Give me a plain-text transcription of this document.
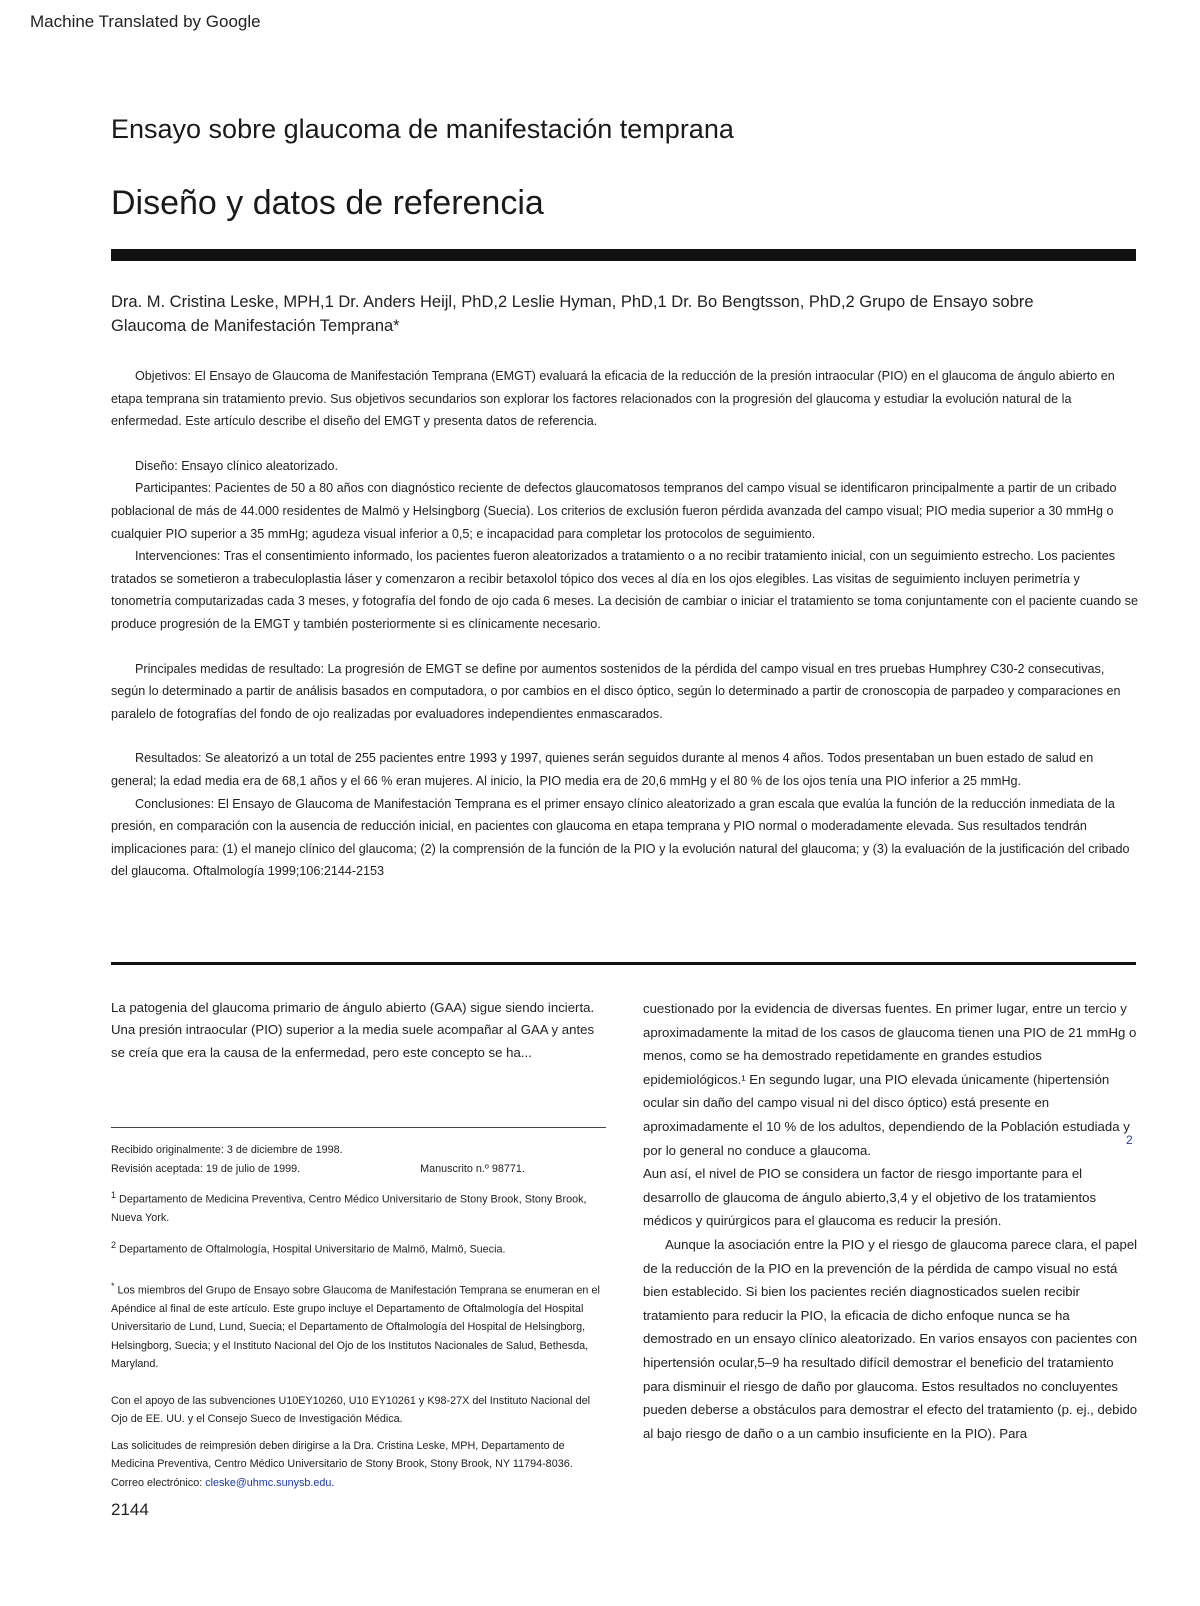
Machine Translated by Google
Ensayo sobre glaucoma de manifestación temprana
Diseño y datos de referencia
Dra. M. Cristina Leske, MPH,1 Dr. Anders Heijl, PhD,2 Leslie Hyman, PhD,1 Dr. Bo Bengtsson, PhD,2 Grupo de Ensayo sobre Glaucoma de Manifestación Temprana*

Objetivos: El Ensayo de Glaucoma de Manifestación Temprana (EMGT) evaluará la eficacia de la reducción de la presión intraocular (PIO) en el glaucoma de ángulo abierto en etapa temprana sin tratamiento previo. Sus objetivos secundarios son explorar los factores relacionados con la progresión del glaucoma y estudiar la evolución natural de la enfermedad. Este artículo describe el diseño del EMGT y presenta datos de referencia.

Diseño: Ensayo clínico aleatorizado.

Participantes: Pacientes de 50 a 80 años con diagnóstico reciente de defectos glaucomatosos tempranos del campo visual se identificaron principalmente a partir de un cribado poblacional de más de 44.000 residentes de Malmö y Helsingborg (Suecia). Los criterios de exclusión fueron pérdida avanzada del campo visual; PIO media superior a 30 mmHg o cualquier PIO superior a 35 mmHg; agudeza visual inferior a 0,5; e incapacidad para completar los protocolos de seguimiento.

Intervenciones: Tras el consentimiento informado, los pacientes fueron aleatorizados a tratamiento o a no recibir tratamiento inicial, con un seguimiento estrecho. Los pacientes tratados se sometieron a trabeculoplastia láser y comenzaron a recibir betaxolol tópico dos veces al día en los ojos elegibles. Las visitas de seguimiento incluyen perimetría y tonometría computarizadas cada 3 meses, y fotografía del fondo de ojo cada 6 meses. La decisión de cambiar o iniciar el tratamiento se toma conjuntamente con el paciente cuando se produce progresión de la EMGT y también posteriormente si es clínicamente necesario.

Principales medidas de resultado: La progresión de EMGT se define por aumentos sostenidos de la pérdida del campo visual en tres pruebas Humphrey C30-2 consecutivas, según lo determinado a partir de análisis basados en computadora, o por cambios en el disco óptico, según lo determinado a partir de cronoscopia de parpadeo y comparaciones en paralelo de fotografías del fondo de ojo realizadas por evaluadores independientes enmascarados.

Resultados: Se aleatorizó a un total de 255 pacientes entre 1993 y 1997, quienes serán seguidos durante al menos 4 años. Todos presentaban un buen estado de salud en general; la edad media era de 68,1 años y el 66 % eran mujeres. Al inicio, la PIO media era de 20,6 mmHg y el 80 % de los ojos tenía una PIO inferior a 25 mmHg.

Conclusiones: El Ensayo de Glaucoma de Manifestación Temprana es el primer ensayo clínico aleatorizado a gran escala que evalúa la función de la reducción inmediata de la presión, en comparación con la ausencia de reducción inicial, en pacientes con glaucoma en etapa temprana y PIO normal o moderadamente elevada. Sus resultados tendrán implicaciones para: (1) el manejo clínico del glaucoma; (2) la comprensión de la función de la PIO y la evolución natural del glaucoma; y (3) la evaluación de la justificación del cribado del glaucoma. Oftalmología 1999;106:2144-2153

La patogenia del glaucoma primario de ángulo abierto (GAA) sigue siendo incierta. Una presión intraocular (PIO) superior a la media suele acompañar al GAA y antes se creía que era la causa de la enfermedad, pero este concepto se ha...

Recibido originalmente: 3 de diciembre de 1998.

Revisión aceptada: 19 de julio de 1999.	Manuscrito n.º 98771.

$^1$ Departamento de Medicina Preventiva, Centro Médico Universitario de Stony Brook, Stony Brook, Nueva York.

$^2$ Departamento de Oftalmología, Hospital Universitario de Malmö, Malmö, Suecia.

* Los miembros del Grupo de Ensayo sobre Glaucoma de Manifestación Temprana se enumeran en el Apéndice al final de este artículo. Este grupo incluye el Departamento de Oftalmología del Hospital Universitario de Lund, Lund, Suecia; el Departamento de Oftalmología del Hospital de Helsingborg, Helsingborg, Suecia; y el Instituto Nacional del Ojo de los Institutos Nacionales de Salud, Bethesda, Maryland.

Con el apoyo de las subvenciones U10EY10260, U10 EY10261 y K98-27X del Instituto Nacional del Ojo de EE. UU. y el Consejo Sueco de Investigación Médica.

Las solicitudes de reimpresión deben dirigirse a la Dra. Cristina Leske, MPH, Departamento de Medicina Preventiva, Centro Médico Universitario de Stony Brook, Stony Brook, NY 11794-8036. Correo electrónico: cleske@uhmc.sunysb.edu.

cuestionado por la evidencia de diversas fuentes. En primer lugar, entre un tercio y aproximadamente la mitad de los casos de glaucoma tienen una PIO de 21 mmHg o menos, como se ha demostrado repetidamente en grandes estudios epidemiológicos.¹ En segundo lugar, una PIO elevada únicamente (hipertensión ocular sin daño del campo visual ni del disco óptico) está presente en aproximadamente el 10 % de los adultos, dependiendo de la Población estudiada y por lo general no conduce a glaucoma.

Aun así, el nivel de PIO se considera un factor de riesgo importante para el desarrollo de glaucoma de ángulo abierto,3,4 y el objetivo de los tratamientos médicos y quirúrgicos para el glaucoma es reducir la presión.

Aunque la asociación entre la PIO y el riesgo de glaucoma parece clara, el papel de la reducción de la PIO en la prevención de la pérdida de campo visual no está bien establecido. Si bien los pacientes recién diagnosticados suelen recibir tratamiento para reducir la PIO, la eficacia de dicho enfoque nunca se ha demostrado en un ensayo clínico aleatorizado. En varios ensayos con pacientes con hipertensión ocular,5–9 ha resultado difícil demostrar el beneficio del tratamiento para disminuir el riesgo de daño por glaucoma. Estos resultados no concluyentes pueden deberse a obstáculos para demostrar el efecto del tratamiento (p. ej., debido al bajo riesgo de daño o a un cambio insuficiente en la PIO). Para

2
2144
